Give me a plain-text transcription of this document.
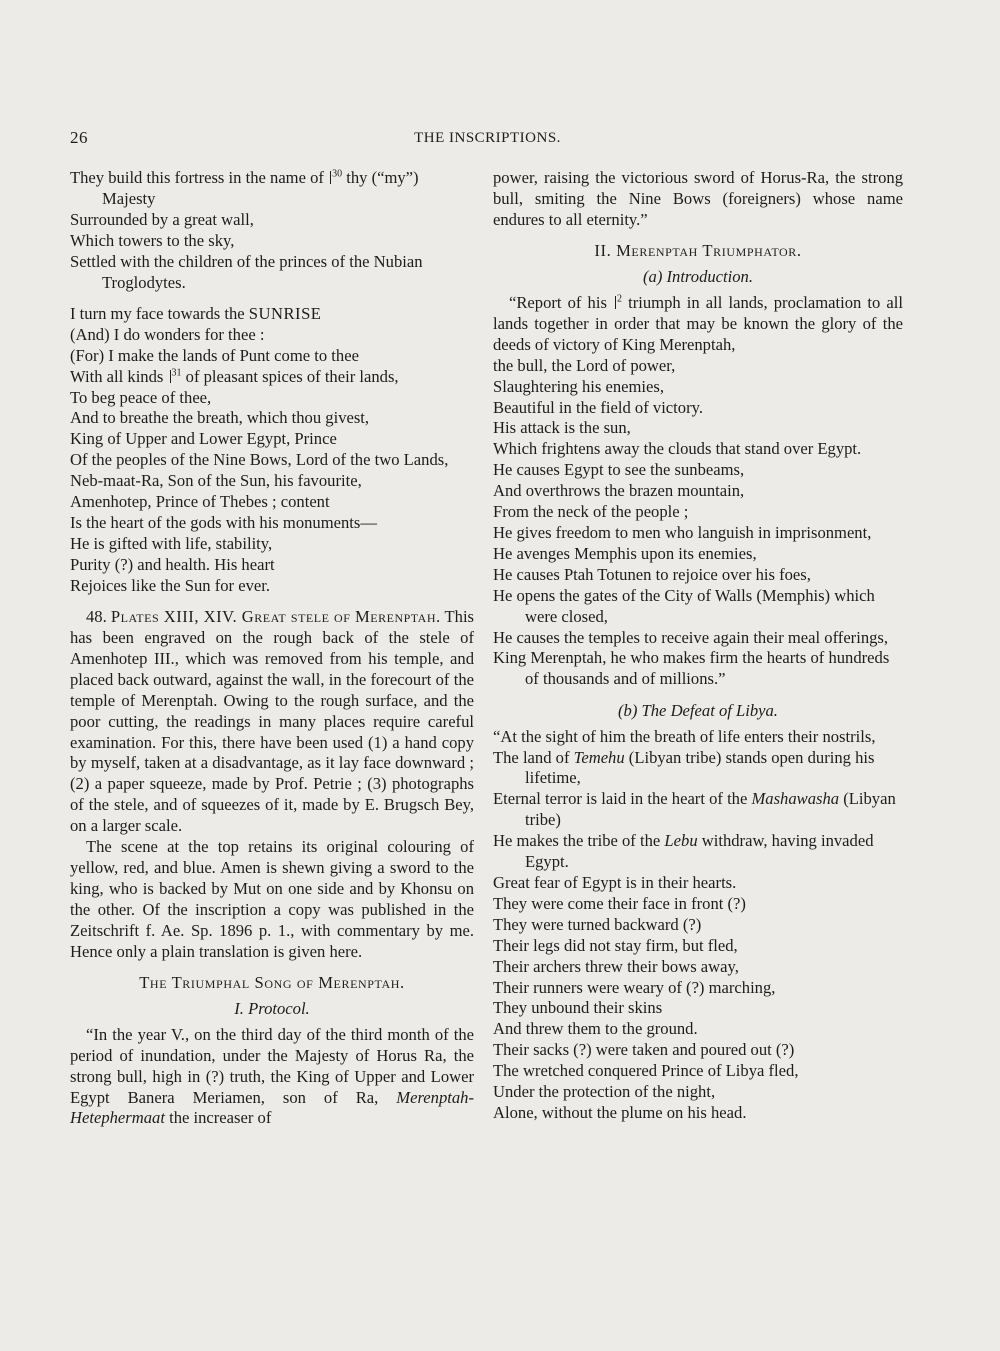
26	THE INSCRIPTIONS.

They build this fortress in the name of $^{30}$ thy (“my”) Majesty

Surrounded by a great wall,

Which towers to the sky,

Settled with the children of the princes of the Nubian Troglodytes.

I turn my face towards the SUNRISE

(And) I do wonders for thee :

(For) I make the lands of Punt come to thee

With all kinds $^{31}$ of pleasant spices of their lands,

To beg peace of thee,

And to breathe the breath, which thou givest,

King of Upper and Lower Egypt, Prince

Of the peoples of the Nine Bows, Lord of the two Lands,

Neb-maat-Ra, Son of the Sun, his favourite,

Amenhotep, Prince of Thebes ; content

Is the heart of the gods with his monuments—

He is gifted with life, stability,

Purity (?) and health. His heart

Rejoices like the Sun for ever.

48. Plates XIII, XIV. Great stele of Merenptah. This has been engraved on the rough back of the stele of Amenhotep III., which was removed from his temple, and placed back outward, against the wall, in the forecourt of the temple of Merenptah. Owing to the rough surface, and the poor cutting, the readings in many places require careful examination. For this, there have been used (1) a hand copy by myself, taken at a disadvantage, as it lay face downward ; (2) a paper squeeze, made by Prof. Petrie ; (3) photographs of the stele, and of squeezes of it, made by E. Brugsch Bey, on a larger scale.

The scene at the top retains its original colouring of yellow, red, and blue. Amen is shewn giving a sword to the king, who is backed by Mut on one side and by Khonsu on the other. Of the inscription a copy was published in the Zeitschrift f. Ae. Sp. 1896 p. 1., with commentary by me. Hence only a plain translation is given here.

The Triumphal Song of Merenptah.

I. Protocol.

“In the year V., on the third day of the third month of the period of inundation, under the Majesty of Horus Ra, the strong bull, high in (?) truth, the King of Upper and Lower Egypt Banera Meriamen, son of Ra, Merenptah-Hetephermaat the increaser of

power, raising the victorious sword of Horus-Ra, the strong bull, smiting the Nine Bows (foreigners) whose name endures to all eternity.”

II. Merenptah Triumphator.

(a) Introduction.

“Report of his $^2$ triumph in all lands, proclamation to all lands together in order that may be known the glory of the deeds of victory of King Merenptah,

the bull, the Lord of power,

Slaughtering his enemies,

Beautiful in the field of victory.

His attack is the sun,

Which frightens away the clouds that stand over Egypt.

He causes Egypt to see the sunbeams,

And overthrows the brazen mountain,

From the neck of the people ;

He gives freedom to men who languish in imprisonment,

He avenges Memphis upon its enemies,

He causes Ptah Totunen to rejoice over his foes,

He opens the gates of the City of Walls (Memphis) which were closed,

He causes the temples to receive again their meal offerings,

King Merenptah, he who makes firm the hearts of hundreds of thousands and of millions.”

(b) The Defeat of Libya.

“At the sight of him the breath of life enters their nostrils,

The land of Temehu (Libyan tribe) stands open during his lifetime,

Eternal terror is laid in the heart of the Mashawasha (Libyan tribe)

He makes the tribe of the Lebu withdraw, having invaded Egypt.

Great fear of Egypt is in their hearts.

They were come their face in front (?)

They were turned backward (?)

Their legs did not stay firm, but fled,

Their archers threw their bows away,

Their runners were weary of (?) marching,

They unbound their skins

And threw them to the ground.

Their sacks (?) were taken and poured out (?)

The wretched conquered Prince of Libya fled,

Under the protection of the night,

Alone, without the plume on his head.
